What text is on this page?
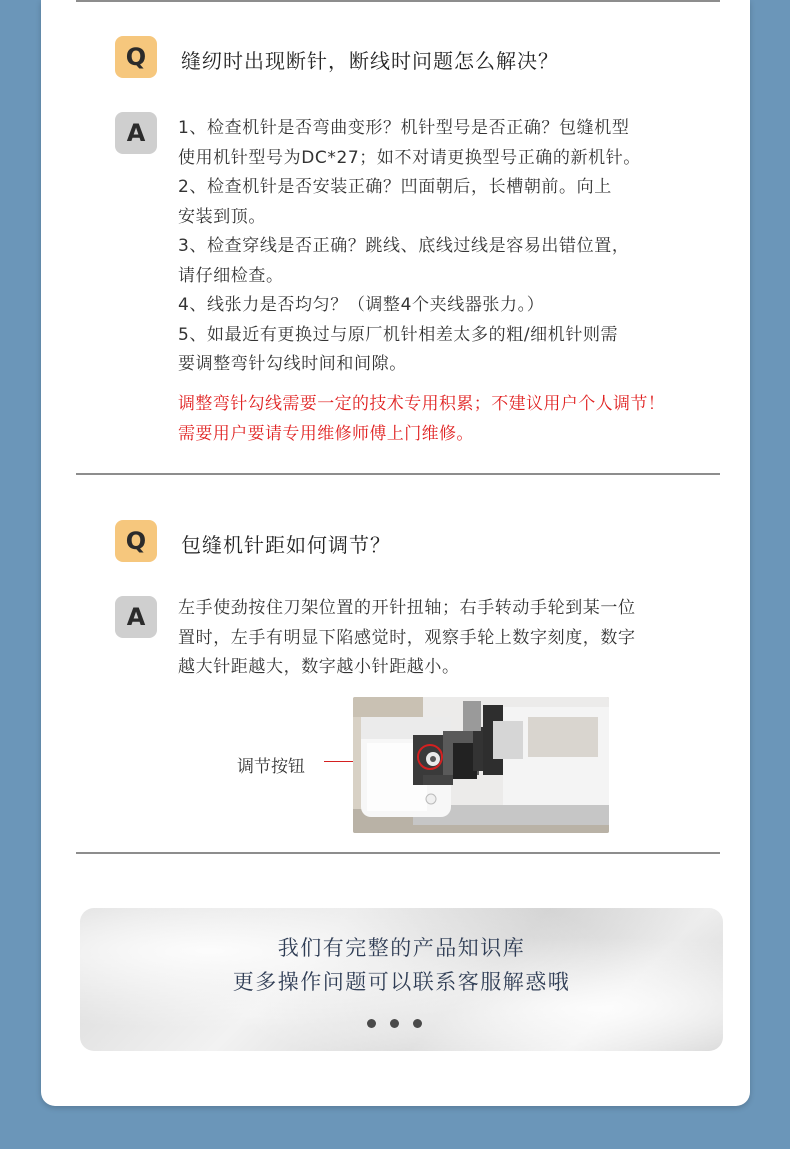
Q	缝纫时出现断针，断线时问题怎么解决？
A	1、检查机针是否弯曲变形？机针型号是否正确？包缝机型

使用机针型号为DC*27；如不对请更换型号正确的新机针。

2、检查机针是否安装正确？凹面朝后，长槽朝前。向上

安装到顶。

3、检查穿线是否正确？跳线、底线过线是容易出错位置，

请仔细检查。

4、线张力是否均匀？（调整4个夹线器张力。）

5、如最近有更换过与原厂机针相差太多的粗/细机针则需

要调整弯针勾线时间和间隙。

调整弯针勾线需要一定的技术专用积累；不建议用户个人调节！

需要用户要请专用维修师傅上门维修。

Q	包缝机针距如何调节？
A	左手使劲按住刀架位置的开针扭轴；右手转动手轮到某一位

置时，左手有明显下陷感觉时，观察手轮上数字刻度，数字

越大针距越大，数字越小针距越小。

调节按钮
我们有完整的产品知识库
更多操作问题可以联系客服解惑哦
